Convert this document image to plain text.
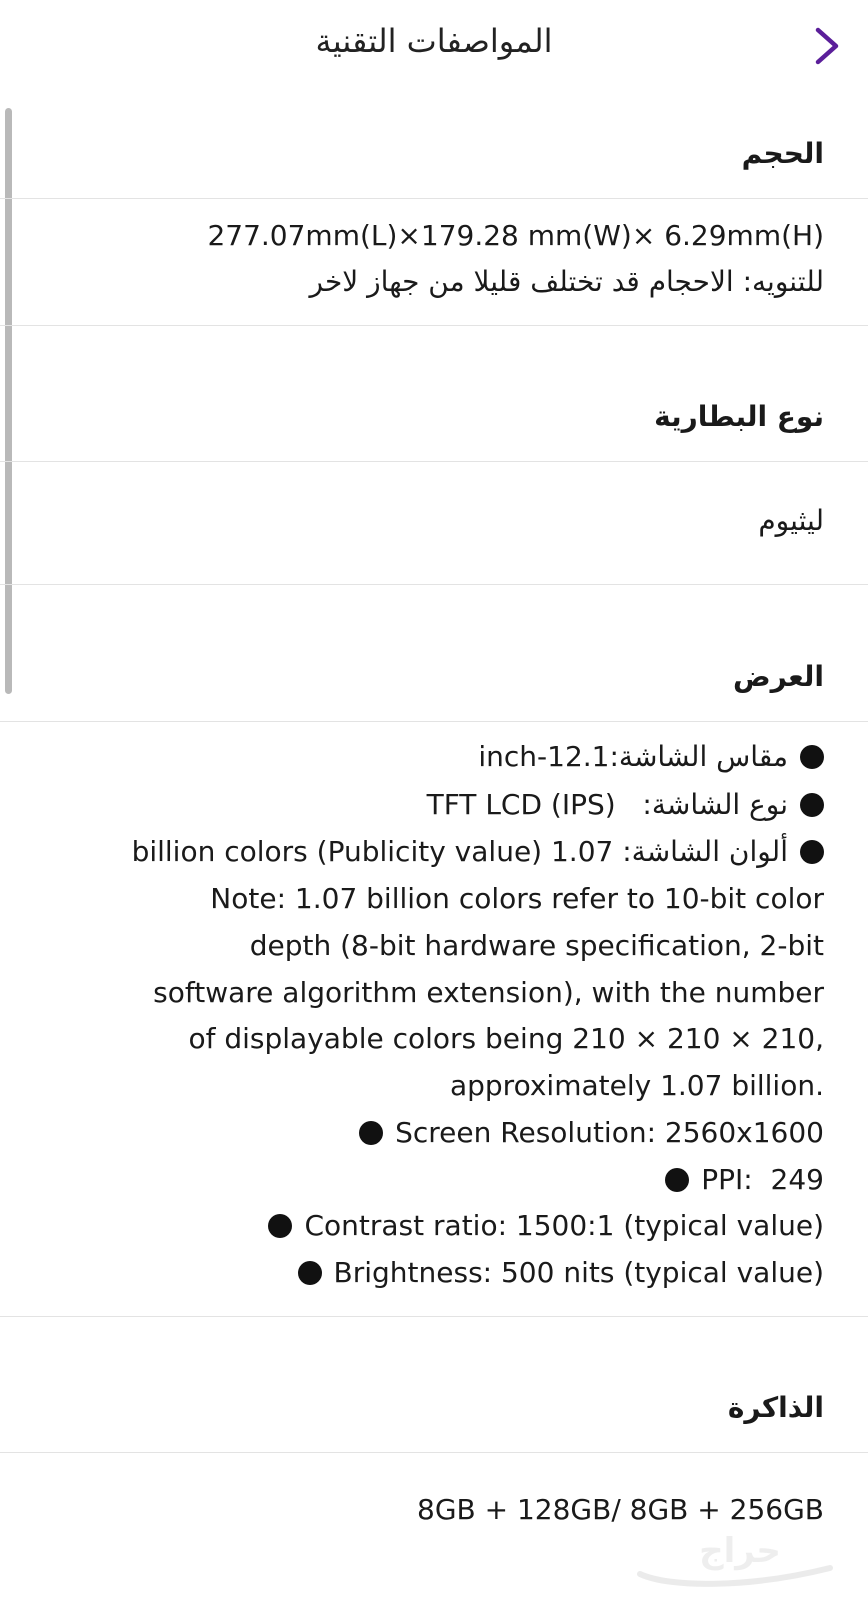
المواصفات التقنية
الحجم
277.07mm(L)×179.28 mm(W)× 6.29mm(H)
للتنويه: الاحجام قد تختلف قليلا من جهاز لاخر
نوع البطارية
ليثيوم
العرض
مقاس الشاشة:inch-12.1
نوع الشاشة:   TFT LCD (IPS)
ألوان الشاشة: billion colors (Publicity value) 1.07
Note: 1.07 billion colors refer to 10-bit color
depth (8-bit hardware specification, 2-bit
software algorithm extension), with the number
of displayable colors being 210 × 210 × 210,
approximately 1.07 billion.
Screen Resolution: 2560x1600
PPI:  249
Contrast ratio: 1500:1 (typical value)
Brightness: 500 nits (typical value)
الذاكرة
8GB + 128GB/ 8GB + 256GB
حراج
